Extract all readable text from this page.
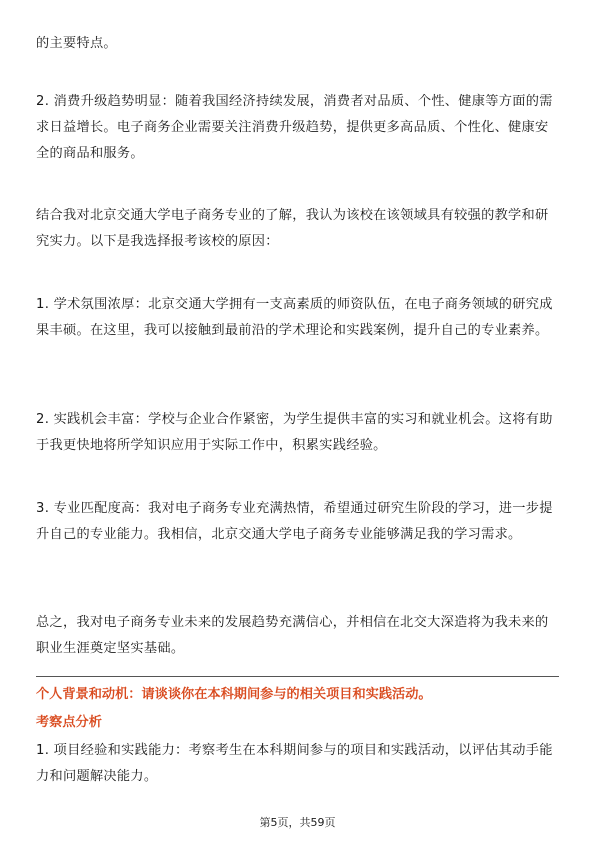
的主要特点。

2. 消费升级趋势明显：随着我国经济持续发展，消费者对品质、个性、健康等方面的需求日益增长。电子商务企业需要关注消费升级趋势，提供更多高品质、个性化、健康安全的商品和服务。

结合我对北京交通大学电子商务专业的了解，我认为该校在该领域具有较强的教学和研究实力。以下是我选择报考该校的原因：

1. 学术氛围浓厚：北京交通大学拥有一支高素质的师资队伍，在电子商务领域的研究成果丰硕。在这里，我可以接触到最前沿的学术理论和实践案例，提升自己的专业素养。

2. 实践机会丰富：学校与企业合作紧密，为学生提供丰富的实习和就业机会。这将有助于我更快地将所学知识应用于实际工作中，积累实践经验。

3. 专业匹配度高：我对电子商务专业充满热情，希望通过研究生阶段的学习，进一步提升自己的专业能力。我相信，北京交通大学电子商务专业能够满足我的学习需求。

总之，我对电子商务专业未来的发展趋势充满信心，并相信在北交大深造将为我未来的职业生涯奠定坚实基础。

个人背景和动机：请谈谈你在本科期间参与的相关项目和实践活动。

考察点分析

1. 项目经验和实践能力：考察考生在本科期间参与的项目和实践活动，以评估其动手能力和问题解决能力。

第5页，共59页
